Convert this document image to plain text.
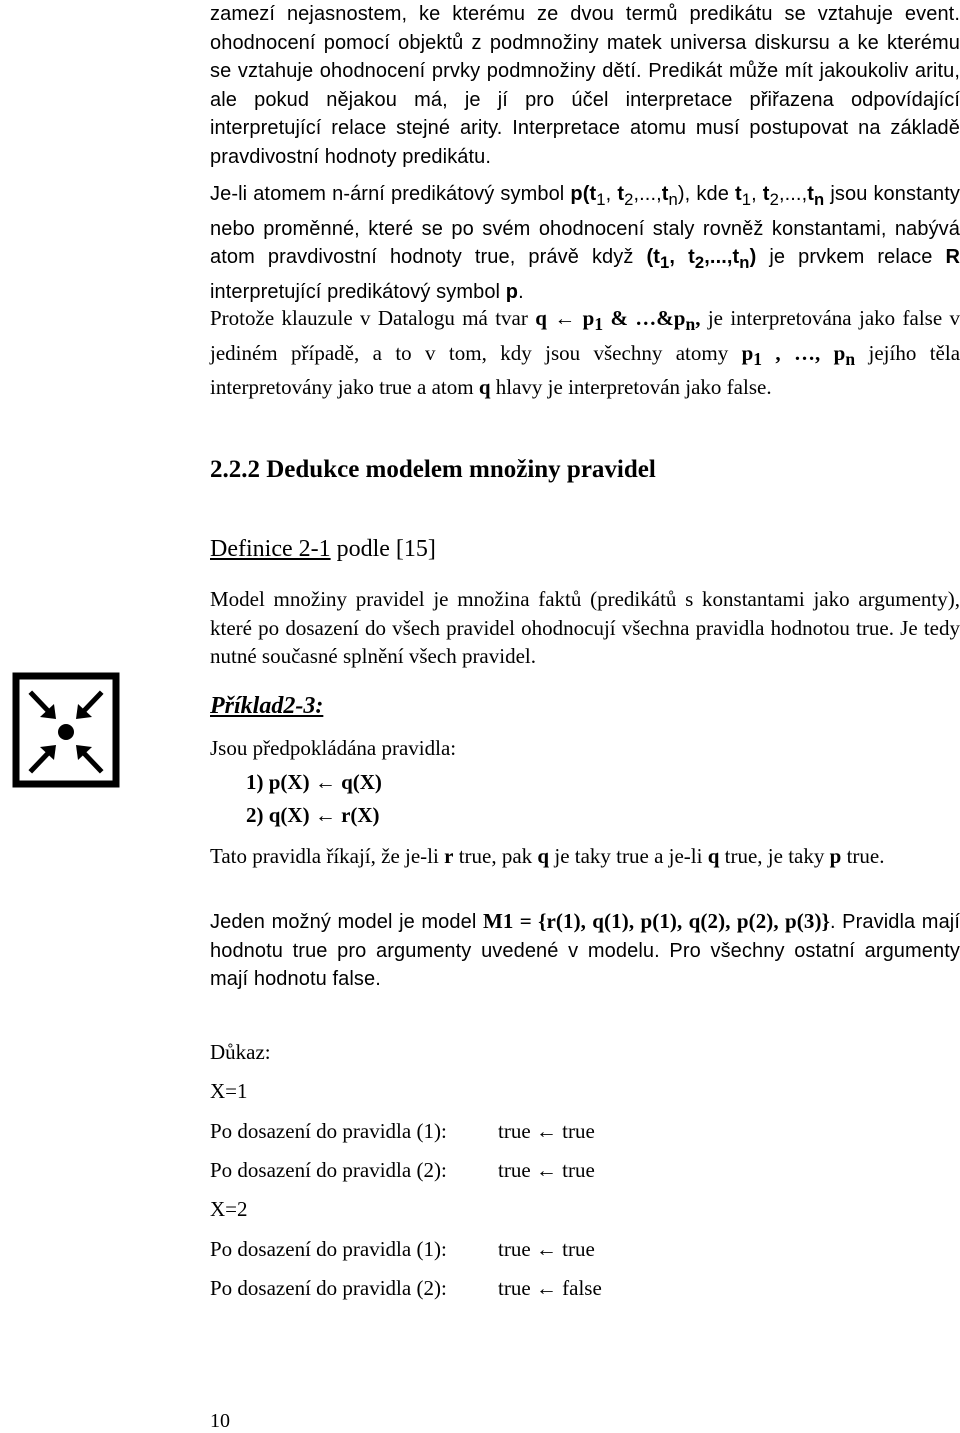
zamezí nejasnostem, ke kterému ze dvou termů predikátu se vztahuje event. ohodnocení pomocí objektů z podmnožiny matek universa diskursu a ke kterému se vztahuje ohodnocení prvky podmnožiny dětí. Predikát může mít jakoukoliv aritu, ale pokud nějakou má, je jí pro účel interpretace přiřazena odpovídající interpretující relace stejné arity. Interpretace atomu musí postupovat na základě pravdivostní hodnoty predikátu.
Je-li atomem n-ární predikátový symbol $p(t_1$, $t_2,...,t_n$), kde $t_1$, $t_2,...,t_n$ jsou konstanty nebo proměnné, které se po svém ohodnocení staly rovněž konstantami, nabývá atom pravdivostní hodnoty true, právě když ($t_1$, $t_2,...,t_n$) je prvkem relace R interpretující predikátový symbol p.
Protože klauzule v Datalogu má tvar q ← $p_1$ & $\dots\&p_n$, je interpretována jako false v jediném případě, a to v tom, kdy jsou všechny atomy $p_1$ , …, $p_n$ jejího těla interpretovány jako true a atom q hlavy je interpretován jako false.
2.2.2 Dedukce modelem množiny pravidel
Definice 2-1 podle [15]
Model množiny pravidel je množina faktů (predikátů s konstantami jako argumenty), které po dosazení do všech pravidel ohodnocují všechna pravidla hodnotou true. Je tedy nutné současné splnění všech pravidel.
Příklad2-3:
Jsou předpokládána pravidla:
1) p(X) ← q(X)
2) q(X) ← r(X)
Tato pravidla říkají, že je-li r true, pak q je taky true a je-li q true, je taky p true.
Jeden možný model je model M1 = {r(1), q(1), p(1), q(2), p(2), p(3)}. Pravidla mají hodnotu true pro argumenty uvedené v modelu. Pro všechny ostatní argumenty mají hodnotu false.
Důkaz:
X=1
Po dosazení do pravidla (1): true ← true
Po dosazení do pravidla (2): true ← true
X=2
Po dosazení do pravidla (1): true ← true
Po dosazení do pravidla (2): true ← false
10
